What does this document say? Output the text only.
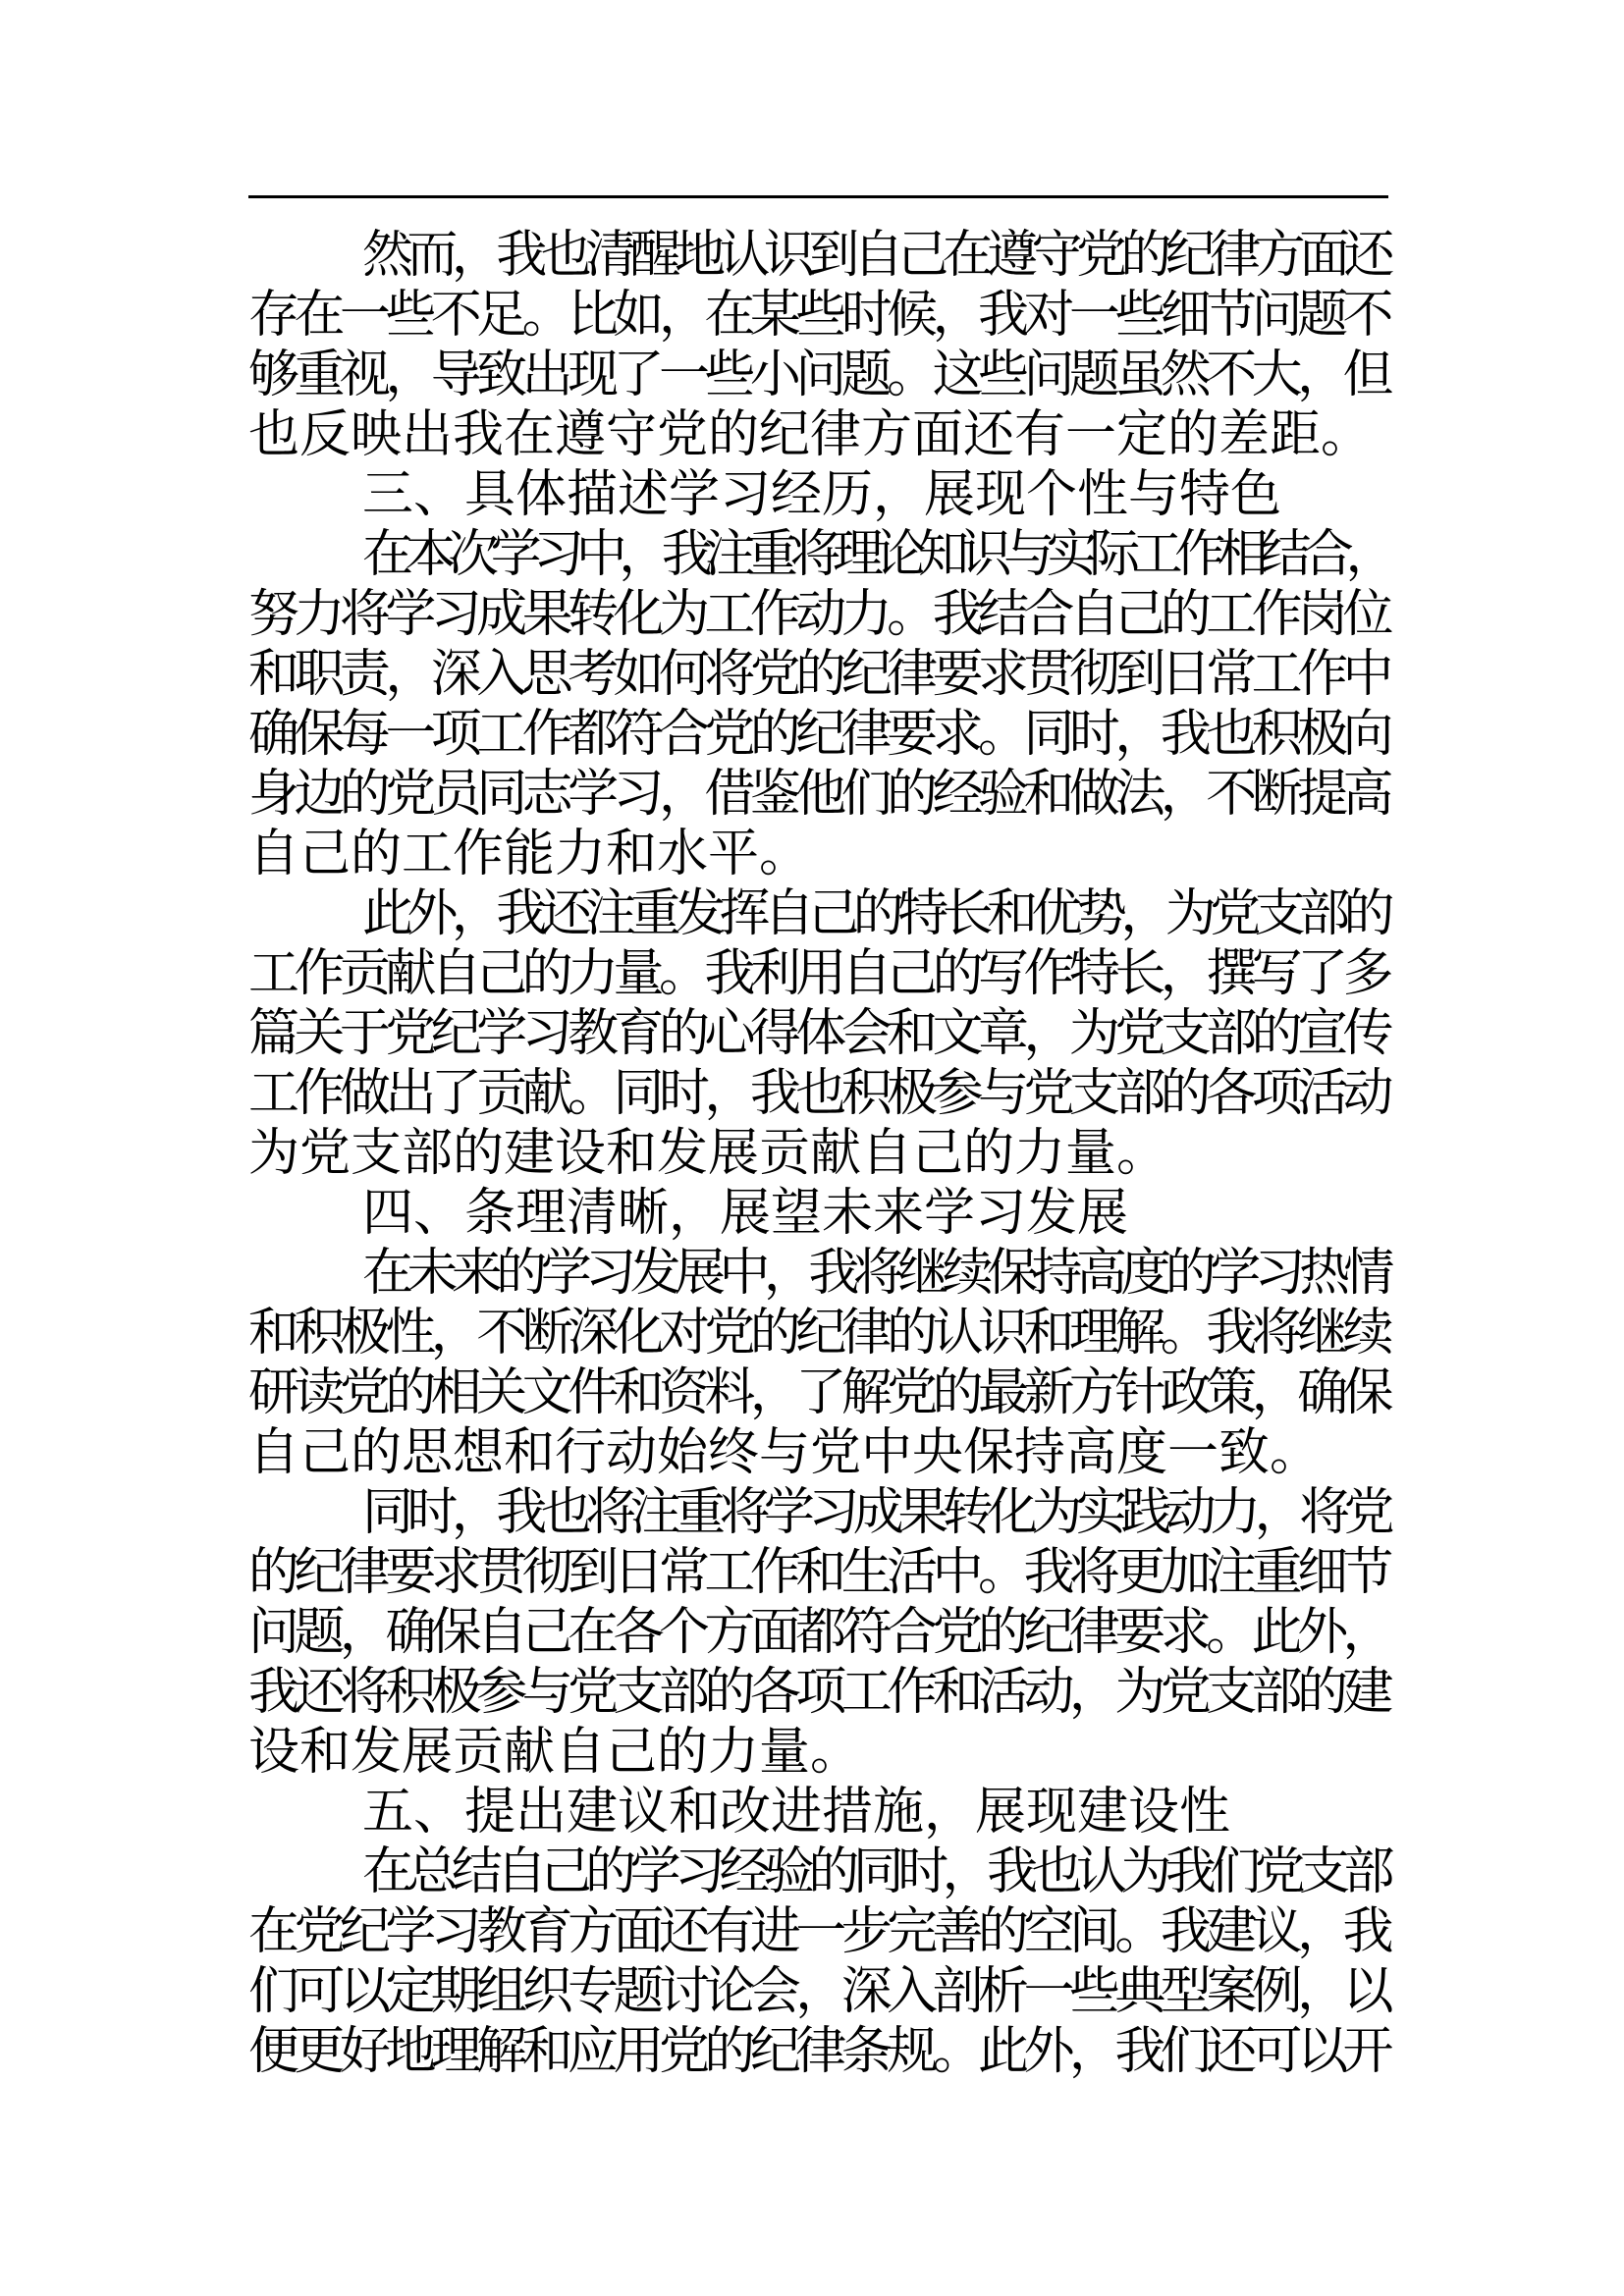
然而，我也清醒地认识到自己在遵守党的纪律方面还
存在一些不足。比如，在某些时候，我对一些细节问题不
够重视，导致出现了一些小问题。这些问题虽然不大，但
也反映出我在遵守党的纪律方面还有一定的差距。
三、具体描述学习经历，展现个性与特色
在本次学习中，我注重将理论知识与实际工作相结合，
努力将学习成果转化为工作动力。我结合自己的工作岗位
和职责，深入思考如何将党的纪律要求贯彻到日常工作中
确保每一项工作都符合党的纪律要求。同时，我也积极向
身边的党员同志学习，借鉴他们的经验和做法，不断提高
自己的工作能力和水平。
此外，我还注重发挥自己的特长和优势，为党支部的
工作贡献自己的力量。我利用自己的写作特长，撰写了多
篇关于党纪学习教育的心得体会和文章，为党支部的宣传
工作做出了贡献。同时，我也积极参与党支部的各项活动
为党支部的建设和发展贡献自己的力量。
四、条理清晰，展望未来学习发展
在未来的学习发展中，我将继续保持高度的学习热情
和积极性，不断深化对党的纪律的认识和理解。我将继续
研读党的相关文件和资料，了解党的最新方针政策，确保
自己的思想和行动始终与党中央保持高度一致。
同时，我也将注重将学习成果转化为实践动力，将党
的纪律要求贯彻到日常工作和生活中。我将更加注重细节
问题，确保自己在各个方面都符合党的纪律要求。此外，
我还将积极参与党支部的各项工作和活动，为党支部的建
设和发展贡献自己的力量。
五、提出建议和改进措施，展现建设性
在总结自己的学习经验的同时，我也认为我们党支部
在党纪学习教育方面还有进一步完善的空间。我建议，我
们可以定期组织专题讨论会，深入剖析一些典型案例，以
便更好地理解和应用党的纪律条规。此外，我们还可以开
